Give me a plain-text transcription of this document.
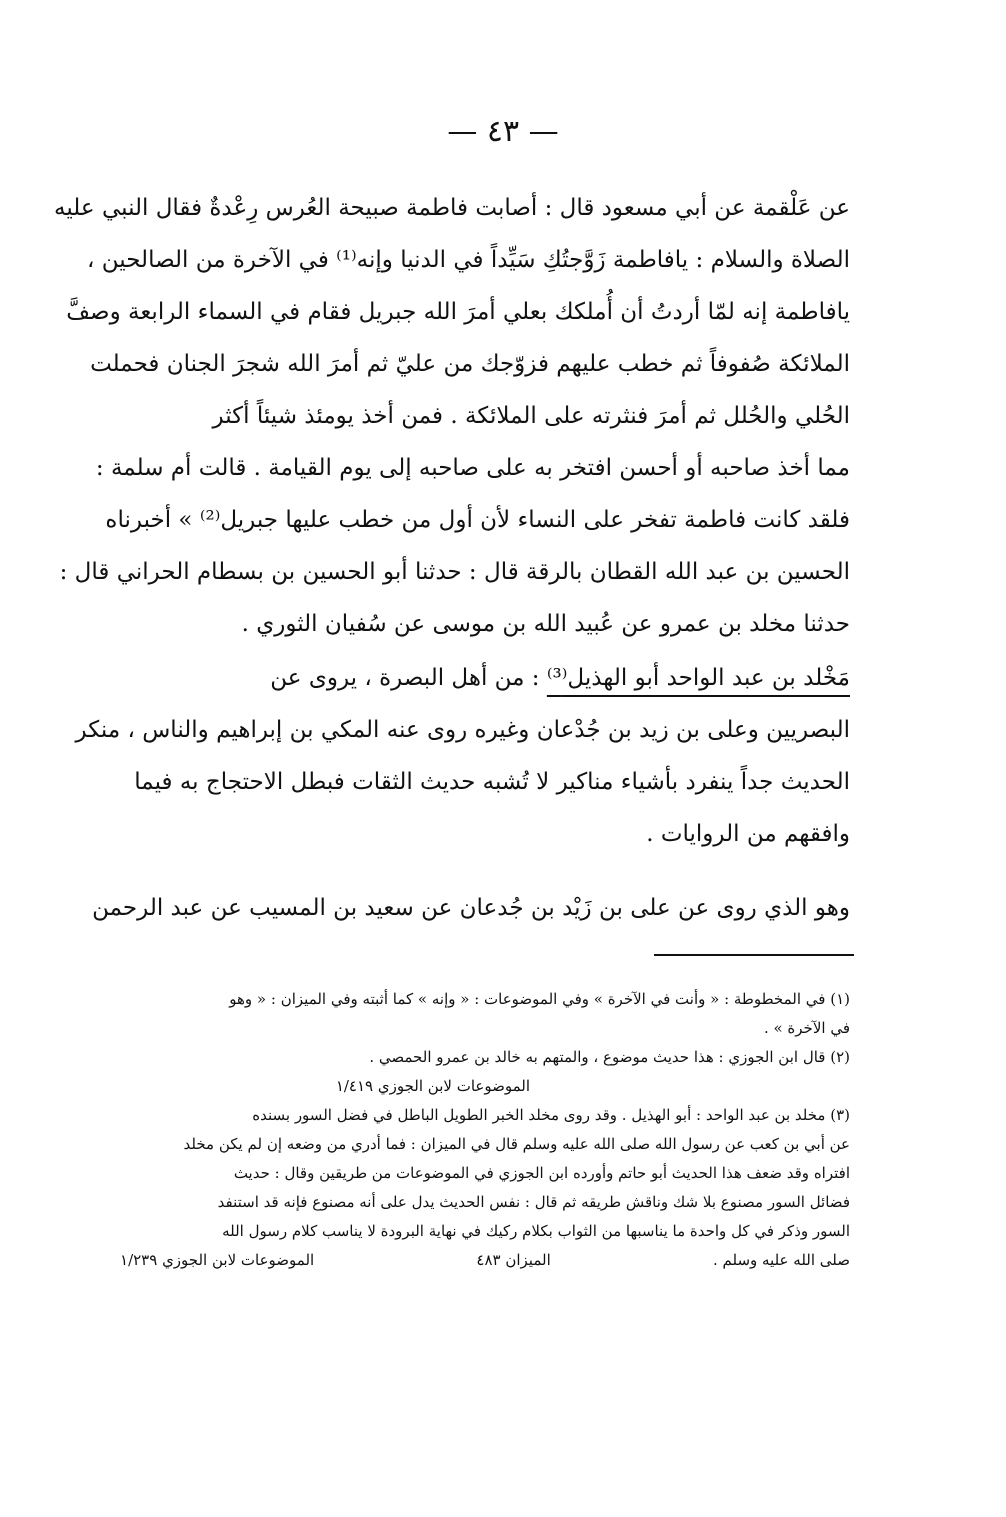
— ٤٣ —
عن عَلْقمة عن أبي مسعود قال : أصابت فاطمة صبيحة العُرس رِعْدةٌ فقال النبي عليه
الصلاة والسلام : يافاطمة زَوَّجتُكِ سَيِّداً في الدنيا وإنه⁽¹⁾ في الآخرة من الصالحين ،
يافاطمة إنه لمّا أردتُ أن أُملكك بعلي أمرَ الله جبريل فقام في السماء الرابعة وصفَّ
الملائكة صُفوفاً ثم خطب عليهم فزوّجك من عليّ ثم أمرَ الله شجرَ الجنان فحملت
الحُلي والحُلل ثم أمرَ فنثرته على الملائكة . فمن أخذ يومئذ شيئاً أكثر
مما أخذ صاحبه أو أحسن افتخر به على صاحبه إلى يوم القيامة . قالت أم سلمة :
فلقد كانت فاطمة تفخر على النساء لأن أول من خطب عليها جبريل⁽²⁾ » أخبرناه
الحسين بن عبد الله القطان بالرقة قال : حدثنا أبو الحسين بن بسطام الحراني قال :
حدثنا مخلد بن عمرو عن عُبيد الله بن موسى عن سُفيان الثوري .
مَخْلد بن عبد الواحد أبو الهذيل⁽³⁾ : من أهل البصرة ، يروى عن
البصريين وعلى بن زيد بن جُدْعان وغيره روى عنه المكي بن إبراهيم والناس ، منكر
الحديث جداً ينفرد بأشياء مناكير لا تُشبه حديث الثقات فبطل الاحتجاج به فيما
وافقهم من الروايات .
وهو الذي روى عن على بن زَيْد بن جُدعان عن سعيد بن المسيب عن عبد الرحمن
(١) في المخطوطة : « وأنت في الآخرة » وفي الموضوعات : « وإنه » كما أثبته وفي الميزان : « وهو
في الآخرة » .
(٢) قال ابن الجوزي : هذا حديث موضوع ، والمتهم به خالد بن عمرو الحمصي .
الموضوعات لابن الجوزي ١/٤١٩
(٣) مخلد بن عبد الواحد : أبو الهذيل . وقد روى مخلد الخبر الطويل الباطل في فضل السور بسنده
عن أبي بن كعب عن رسول الله صلى الله عليه وسلم قال في الميزان : فما أدري من وضعه إن لم يكن مخلد
افتراه وقد ضعف هذا الحديث أبو حاتم وأورده ابن الجوزي في الموضوعات من طريقين وقال : حديث
فضائل السور مصنوع بلا شك وناقش طريقه ثم قال : نفس الحديث يدل على أنه مصنوع فإنه قد استنفد
السور وذكر في كل واحدة ما يناسبها من الثواب بكلام ركيك في نهاية البرودة لا يناسب كلام رسول الله
صلى الله عليه وسلم .
الميزان ٤٨٣
الموضوعات لابن الجوزي ١/٢٣٩
